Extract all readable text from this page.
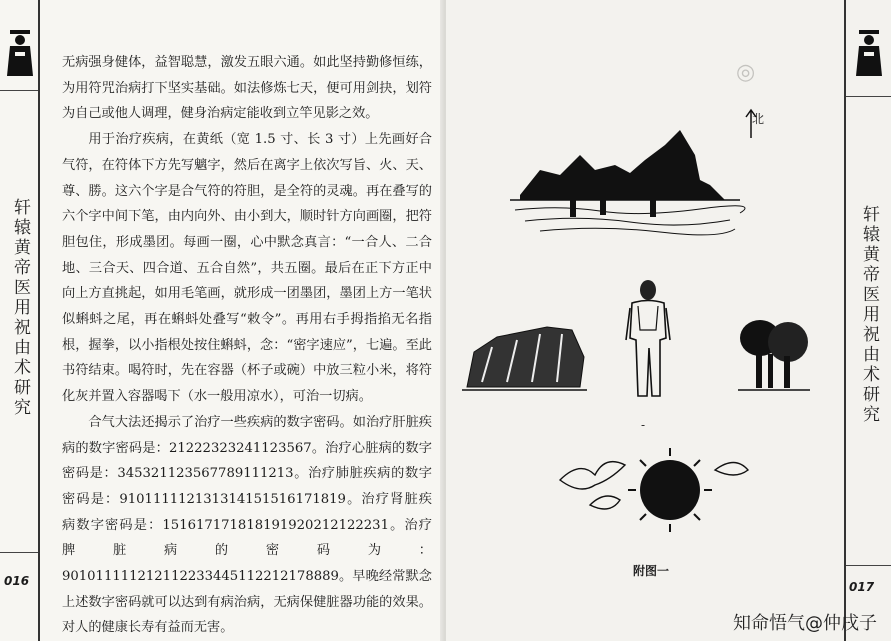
轩辕黄帝医用祝由术研究
016

无病强身健体，益智聪慧，激发五眼六通。如此坚持勤修恒练，为用符咒治病打下坚实基础。如法修炼七天，便可用剑抉，划符为自己或他人调理，健身治病定能收到立竿见影之效。

用于治疗疾病，在黄纸（宽 1.5 寸、长 3 寸）上先画好合气符，在符体下方先写魑字，然后在离字上依次写旨、火、天、尊、勝。这六个字是合气符的符胆，是全符的灵魂。再在叠写的六个字中间下笔，由内向外、由小到大，顺时针方向画圈，把符胆包住，形成墨团。每画一圈，心中默念真言：“一合人、二合地、三合天、四合道、五合自然”，共五圈。最后在正下方正中向上方直挑起，如用毛笔画，就形成一团墨团，墨团上方一笔状似蝌蚪之尾，再在蝌蚪处叠写“敕令”。再用右手拇指掐无名指根，握拳，以小指根处按住蝌蚪，念：“密字速应”，七遍。至此书符结束。喝符时，先在容器（杯子或碗）中放三粒小米，将符化灰并置入容器喝下（水一般用凉水），可治一切病。

合气大法还揭示了治疗一些疾病的数字密码。如治疗肝脏疾病的数字密码是：21222323241123567。治疗心脏病的数字密码是：345321123567789111213。治疗肺脏疾病的数字密码是：910111112131314151516171819。治疗肾脏疾病数字密码是：151617171818191920212122231。治疗脾脏病的密码为：901011111212112233445112212178889。早晚经常默念上述数字密码就可以达到有病治病，无病保健脏器功能的效果。对人的健康长寿有益而无害。

◎
轩辕黄帝医用祝由术研究
017
北
-
附图一
知命悟气@仲戌子
